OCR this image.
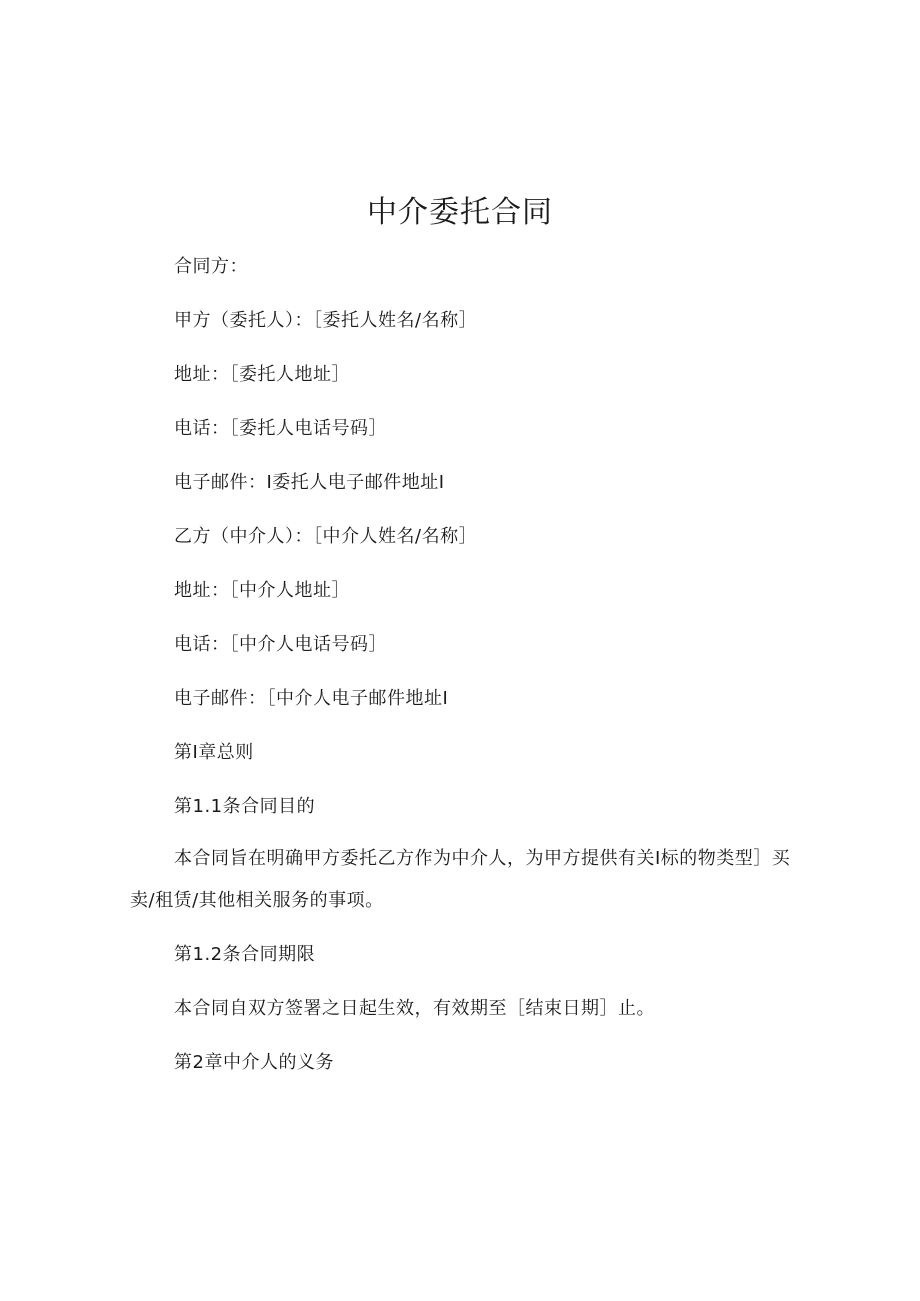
中介委托合同
合同方：
甲方（委托人）：［委托人姓名/名称］
地址：［委托人地址］
电话：［委托人电话号码］
电子邮件：I委托人电子邮件地址I
乙方（中介人）：［中介人姓名/名称］
地址：［中介人地址］
电话：［中介人电话号码］
电子邮件：［中介人电子邮件地址I
第I章总则
第1.1条合同目的
本合同旨在明确甲方委托乙方作为中介人，为甲方提供有关I标的物类型］买卖/租赁/其他相关服务的事项。
第1.2条合同期限
本合同自双方签署之日起生效，有效期至［结束日期］止。
第2章中介人的义务
